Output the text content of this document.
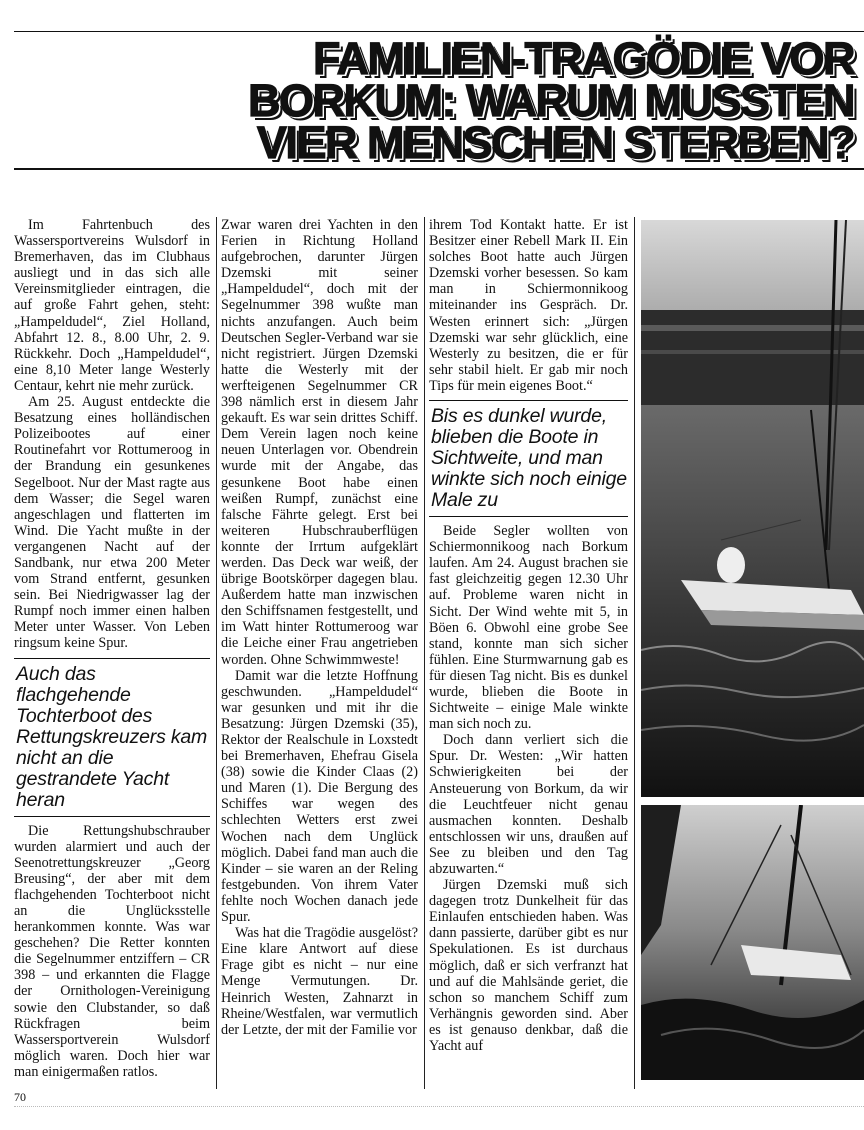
FAMILIEN-TRAGÖDIE VOR
BORKUM: WARUM MUSSTEN
VIER MENSCHEN STERBEN?

Im Fahrtenbuch des Wassersportvereins Wulsdorf in Bremerhaven, das im Clubhaus ausliegt und in das sich alle Vereinsmitglieder eintragen, die auf große Fahrt gehen, steht: „Hampeldudel“, Ziel Holland, Abfahrt 12. 8., 8.00 Uhr, 2. 9. Rückkehr. Doch „Hampeldudel“, eine 8,10 Meter lange Westerly Centaur, kehrt nie mehr zurück.

Am 25. August entdeckte die Besatzung eines holländischen Polizeibootes auf einer Routinefahrt vor Rottumeroog in der Brandung ein gesunkenes Segelboot. Nur der Mast ragte aus dem Wasser; die Segel waren angeschlagen und flatterten im Wind. Die Yacht mußte in der vergangenen Nacht auf der Sandbank, nur etwa 200 Meter vom Strand entfernt, gesunken sein. Bei Niedrigwasser lag der Rumpf noch immer einen halben Meter unter Wasser. Von Leben ringsum keine Spur.

Auch das flachgehende Tochterboot des Rettungskreuzers kam nicht an die gestrandete Yacht heran

Die Rettungshubschrauber wurden alarmiert und auch der Seenotrettungskreuzer „Georg Breusing“, der aber mit dem flachgehenden Tochterboot nicht an die Unglücksstelle herankommen konnte. Was war geschehen? Die Retter konnten die Segelnummer entziffern – CR 398 – und erkannten die Flagge der Ornithologen-Vereinigung sowie den Clubstander, so daß Rückfragen beim Wassersportverein Wulsdorf möglich waren. Doch hier war man einigermaßen ratlos.

Zwar waren drei Yachten in den Ferien in Richtung Holland aufgebrochen, darunter Jürgen Dzemski mit seiner „Hampeldudel“, doch mit der Segelnummer 398 wußte man nichts anzufangen. Auch beim Deutschen Segler-Verband war sie nicht registriert. Jürgen Dzemski hatte die Westerly mit der werfteigenen Segelnummer CR 398 nämlich erst in diesem Jahr gekauft. Es war sein drittes Schiff. Dem Verein lagen noch keine neuen Unterlagen vor. Obendrein wurde mit der Angabe, das gesunkene Boot habe einen weißen Rumpf, zunächst eine falsche Fährte gelegt. Erst bei weiteren Hubschrauberflügen konnte der Irrtum aufgeklärt werden. Das Deck war weiß, der übrige Bootskörper dagegen blau. Außerdem hatte man inzwischen den Schiffsnamen festgestellt, und im Watt hinter Rottumeroog war die Leiche einer Frau angetrieben worden. Ohne Schwimmweste!

Damit war die letzte Hoffnung geschwunden. „Hampeldudel“ war gesunken und mit ihr die Besatzung: Jürgen Dzemski (35), Rektor der Realschule in Loxstedt bei Bremerhaven, Ehefrau Gisela (38) sowie die Kinder Claas (2) und Maren (1). Die Bergung des Schiffes war wegen des schlechten Wetters erst zwei Wochen nach dem Unglück möglich. Dabei fand man auch die Kinder – sie waren an der Reling festgebunden. Von ihrem Vater fehlte noch Wochen danach jede Spur.

Was hat die Tragödie ausgelöst? Eine klare Antwort auf diese Frage gibt es nicht – nur eine Menge Vermutungen. Dr. Heinrich Westen, Zahnarzt in Rheine/Westfalen, war vermutlich der Letzte, der mit der Familie vor

ihrem Tod Kontakt hatte. Er ist Besitzer einer Rebell Mark II. Ein solches Boot hatte auch Jürgen Dzemski vorher besessen. So kam man in Schiermonnikoog miteinander ins Gespräch. Dr. Westen erinnert sich: „Jürgen Dzemski war sehr glücklich, eine Westerly zu besitzen, die er für sehr stabil hielt. Er gab mir noch Tips für mein eigenes Boot.“

Bis es dunkel wurde, blieben die Boote in Sichtweite, und man winkte sich noch einige Male zu

Beide Segler wollten von Schiermonnikoog nach Borkum laufen. Am 24. August brachen sie fast gleichzeitig gegen 12.30 Uhr auf. Probleme waren nicht in Sicht. Der Wind wehte mit 5, in Böen 6. Obwohl eine grobe See stand, konnte man sich sicher fühlen. Eine Sturmwarnung gab es für diesen Tag nicht. Bis es dunkel wurde, blieben die Boote in Sichtweite – einige Male winkte man sich noch zu.

Doch dann verliert sich die Spur. Dr. Westen: „Wir hatten Schwierigkeiten bei der Ansteuerung von Borkum, da wir die Leuchtfeuer nicht genau ausmachen konnten. Deshalb entschlossen wir uns, draußen auf See zu bleiben und den Tag abzuwarten.“

Jürgen Dzemski muß sich dagegen trotz Dunkelheit für das Einlaufen entschieden haben. Was dann passierte, darüber gibt es nur Spekulationen. Es ist durchaus möglich, daß er sich verfranzt hat und auf die Mahlsände geriet, die schon so manchem Schiff zum Verhängnis geworden sind. Aber es ist genauso denkbar, daß die Yacht auf

70
